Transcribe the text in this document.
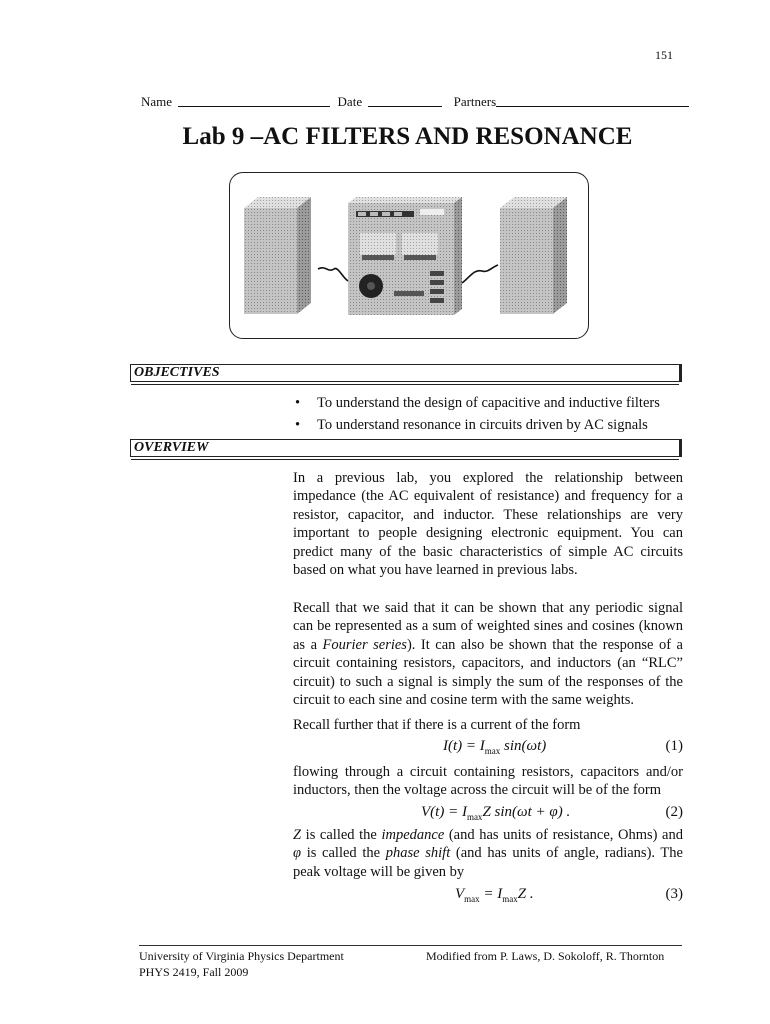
151
Name	Date	Partners
Lab 9 –AC FILTERS AND RESONANCE
OBJECTIVES
• To understand the design of capacitive and inductive filters
• To understand resonance in circuits driven by AC signals
OVERVIEW

In a previous lab, you explored the relationship between impedance (the AC equivalent of resistance) and frequency for a resistor, capacitor, and inductor. These relationships are very important to people designing electronic equipment. You can predict many of the basic characteristics of simple AC circuits based on what you have learned in previous labs.

Recall that we said that it can be shown that any periodic signal can be represented as a sum of weighted sines and cosines (known as a Fourier series). It can also be shown that the response of a circuit containing resistors, capacitors, and inductors (an “RLC” circuit) to such a signal is simply the sum of the responses of the circuit to each sine and cosine term with the same weights.

Recall further that if there is a current of the form

$I(t) = I_{max}$ sin(ωt)	(1)

flowing through a circuit containing resistors, capacitors and/or inductors, then the voltage across the circuit will be of the form

$V(t) = I_{max}Z$ sin(ωt + φ) .	(2)

Z is called the impedance (and has units of resistance, Ohms) and φ is called the phase shift (and has units of angle, radians). The peak voltage will be given by

$V_{max} = I_{max}Z$ .	(3)
University of Virginia Physics Department
PHYS 2419, Fall 2009
Modified from P. Laws, D. Sokoloff, R. Thornton
